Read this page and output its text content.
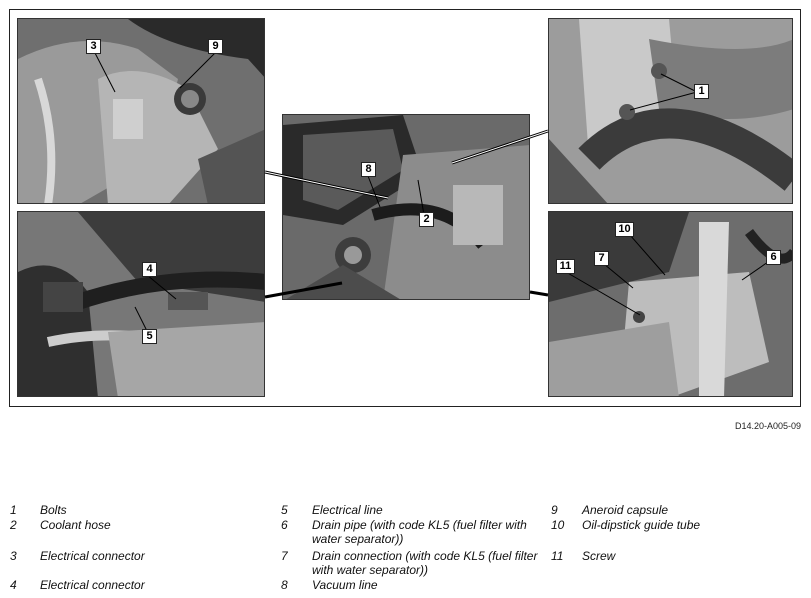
3	9
4
5
8
2
1
10
7
11
6
D14.20-A005-09
1 Bolts
2 Coolant hose
3 Electrical connector
4 Electrical connector
5 Electrical line
6 Drain pipe (with code KL5 (fuel filter with water separator))
7 Drain connection (with code KL5 (fuel filter with water separator))
8 Vacuum line
9 Aneroid capsule
10 Oil-dipstick guide tube
11 Screw
